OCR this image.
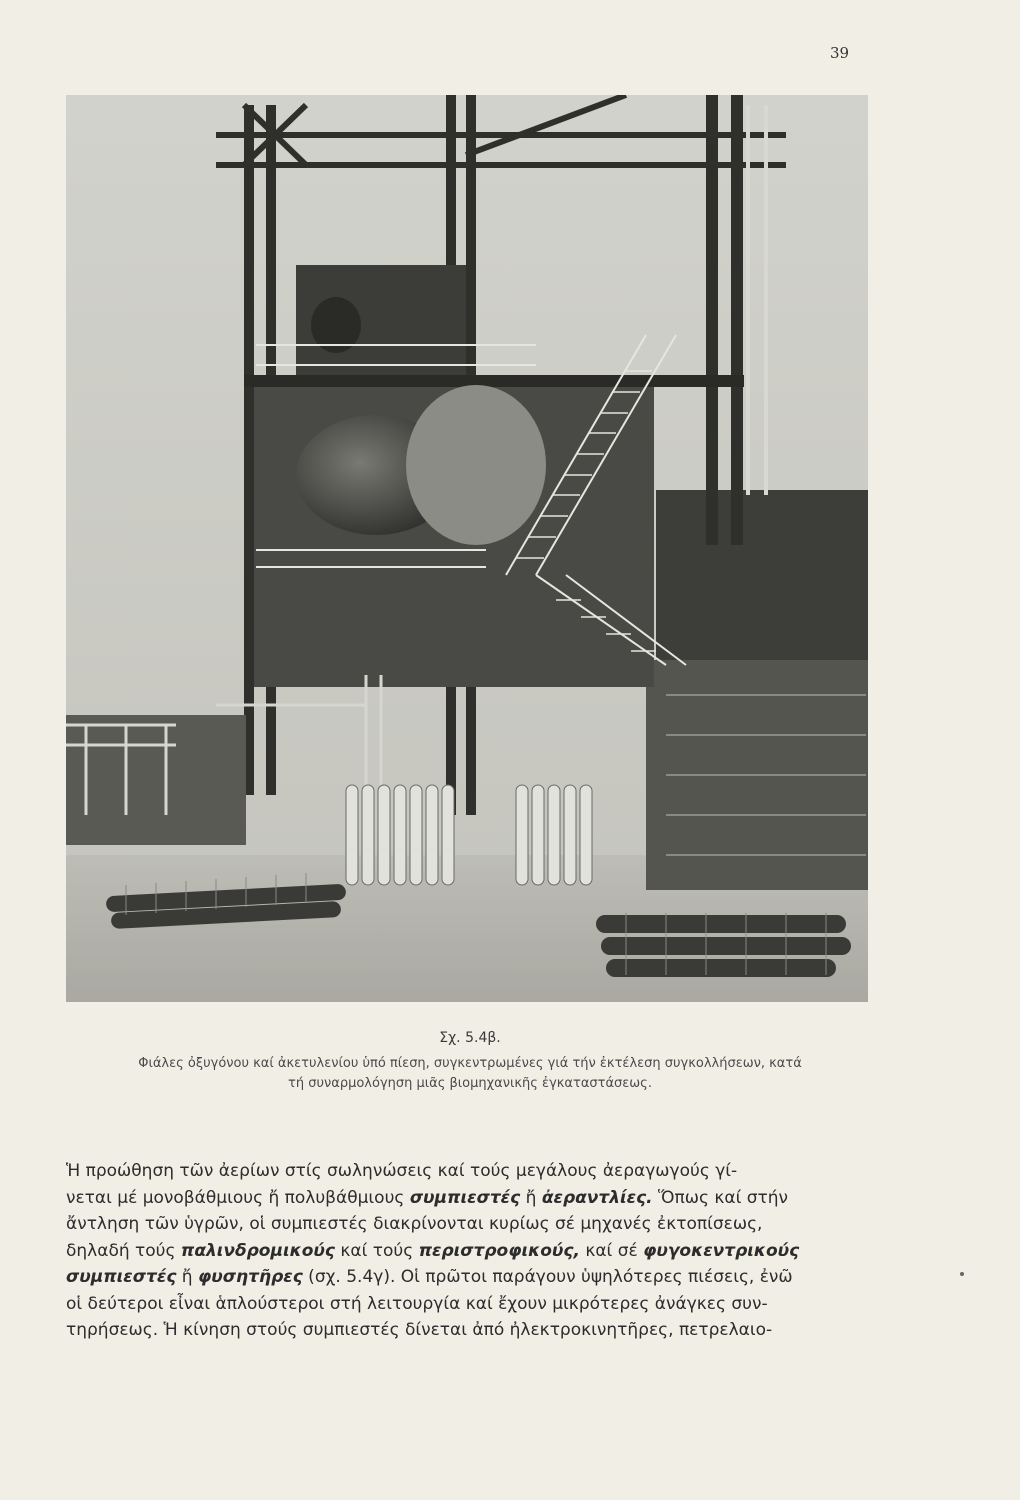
39
Σχ. 5.4β.
Φιάλες ὀξυγόνου καί ἀκετυλενίου ὑπό πίεση, συγκεντρωμένες γιά τήν ἐκτέλεση συγκολλήσεων, κατά
τή συναρμολόγηση μιᾶς βιομηχανικῆς ἐγκαταστάσεως.
Ἡ προώθηση τῶν ἀερίων στίς σωληνώσεις καί τούς μεγάλους ἀεραγωγούς γί-
νεται μέ μονοβάθμιους ἤ πολυβάθμιους συμπιεστές ἤ ἀεραντλίες. Ὅπως καί στήν
ἄντληση τῶν ὑγρῶν, οἱ συμπιεστές διακρίνονται κυρίως σέ μηχανές ἐκτοπίσεως,
δηλαδή τούς παλινδρομικούς καί τούς περιστροφικούς, καί σέ φυγοκεντρικούς
συμπιεστές ἤ φυσητῆρες (σχ. 5.4γ). Οἱ πρῶτοι παράγουν ὑψηλότερες πιέσεις, ἐνῶ
οἱ δεύτεροι εἶναι ἁπλούστεροι στή λειτουργία καί ἔχουν μικρότερες ἀνάγκες συν-
τηρήσεως. Ἡ κίνηση στούς συμπιεστές δίνεται ἀπό ἠλεκτροκινητῆρες, πετρελαιο-
